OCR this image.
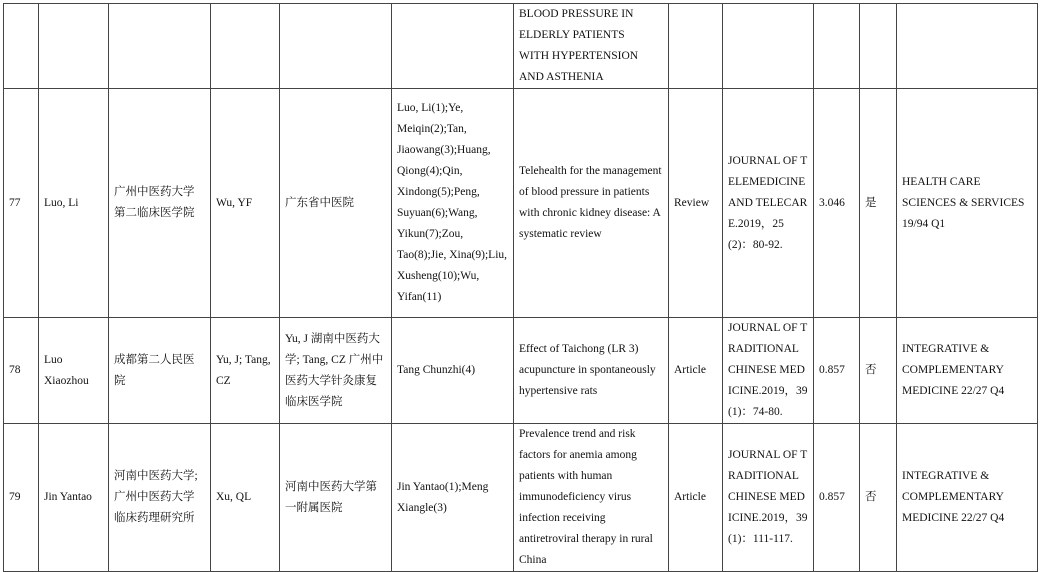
						BLOOD PRESSURE IN
ELDERLY PATIENTS
WITH HYPERTENSION
AND ASTHENIA					

77	Luo, Li	广州中医药大学第二临床医学院	Wu, YF	广东省中医院	Luo, Li(1);Ye, Meiqin(2);Tan, Jiaowang(3);Huang, Qiong(4);Qin, Xindong(5);Peng, Suyuan(6);Wang, Yikun(7);Zou, Tao(8);Jie, Xina(9);Liu, Xusheng(10);Wu, Yifan(11)	Telehealth for the management of blood pressure in patients with chronic kidney disease: A systematic review	Review	JOURNAL OF TELEMEDICINE AND TELECARE.2019，25(2)：80-92.	3.046	是	HEALTH CARE SCIENCES & SERVICES 19/94 Q1

78	Luo Xiaozhou	成都第二人民医院	Yu, J; Tang, CZ	Yu, J 湖南中医药大学; Tang, CZ 广州中医药大学针灸康复临床医学院	Tang Chunzhi(4)	Effect of Taichong (LR 3) acupuncture in spontaneously hypertensive rats	Article	JOURNAL OF TRADITIONAL CHINESE MEDICINE.2019，39(1)：74-80.	0.857	否	INTEGRATIVE & COMPLEMENTARY MEDICINE 22/27 Q4

79	Jin Yantao	河南中医药大学; 广州中医药大学临床药理研究所	Xu, QL	河南中医药大学第一附属医院	Jin Yantao(1);Meng Xiangle(3)	Prevalence trend and risk factors for anemia among patients with human immunodeficiency virus infection receiving antiretroviral therapy in rural China	Article	JOURNAL OF TRADITIONAL CHINESE MEDICINE.2019，39(1)：111-117.	0.857	否	INTEGRATIVE & COMPLEMENTARY MEDICINE 22/27 Q4
